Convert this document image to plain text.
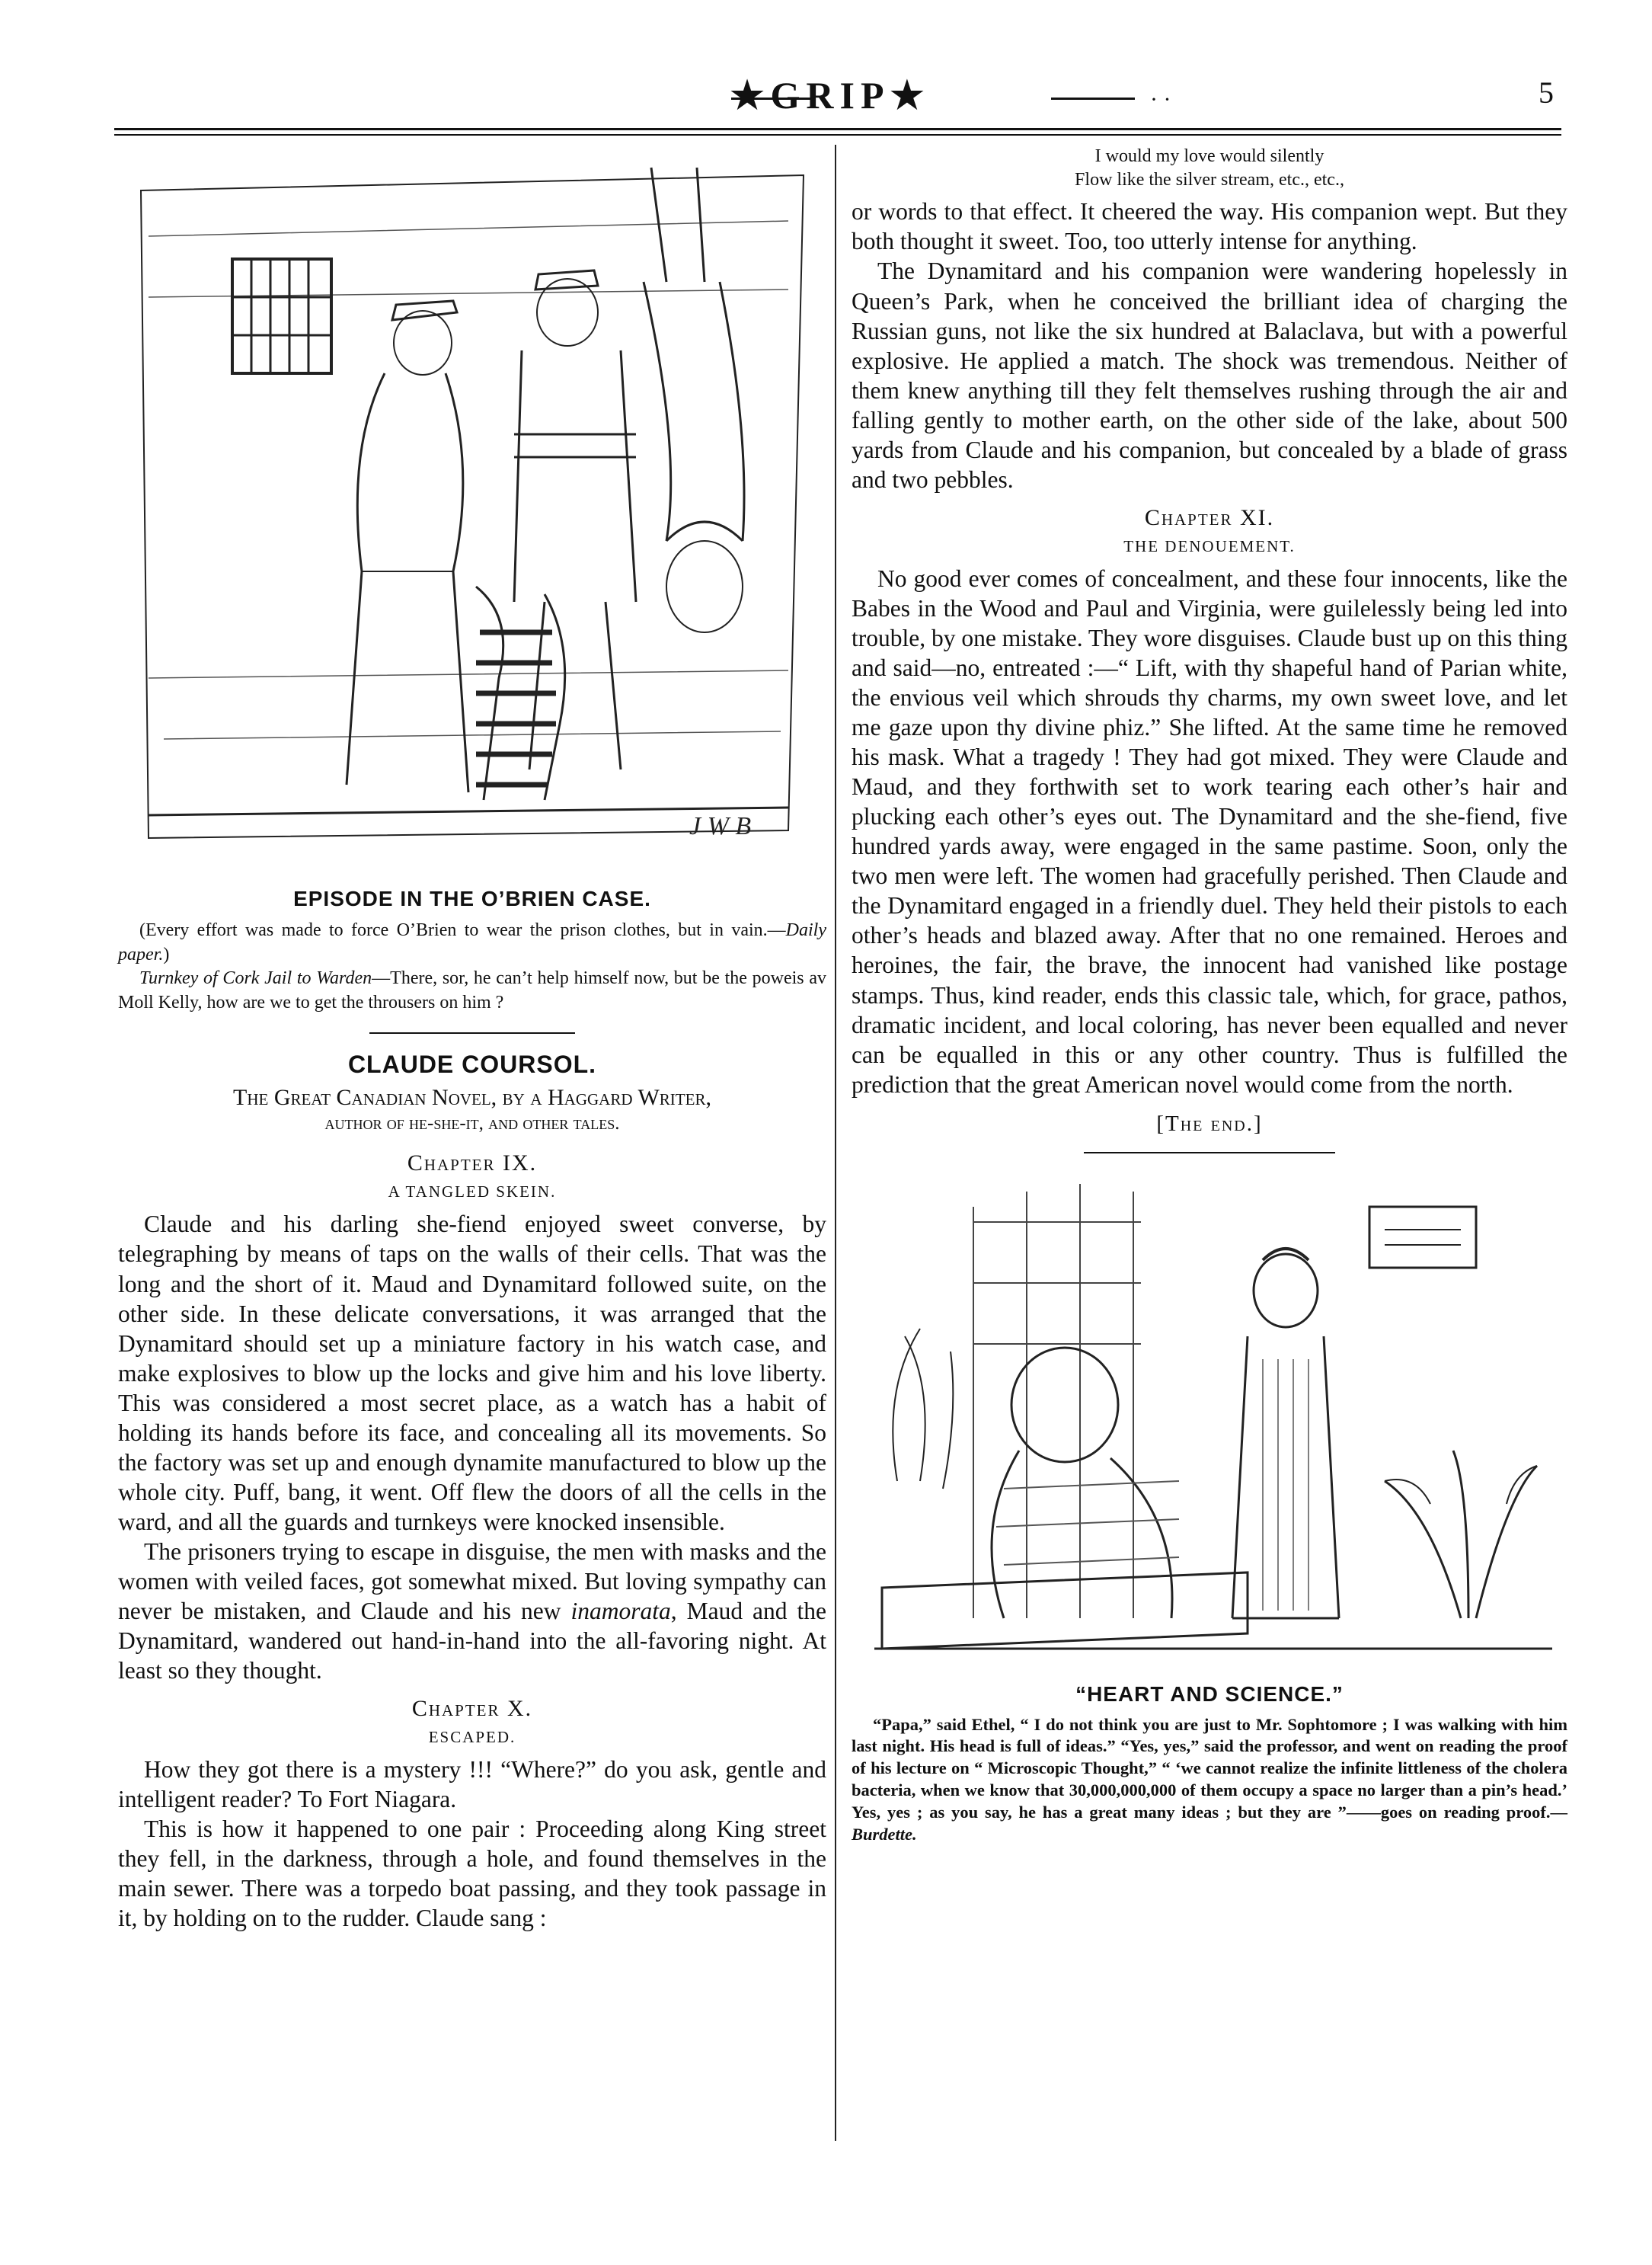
★GRIP★	· ·	5
J W B
EPISODE IN THE O’BRIEN CASE.

(Every effort was made to force O’Brien to wear the prison clothes, but in vain.—Daily paper.)

Turnkey of Cork Jail to Warden—There, sor, he can’t help himself now, but be the poweis av Moll Kelly, how are we to get the throusers on him ?

CLAUDE COURSOL.
The Great Canadian Novel, by a Haggard Writer,
author of he-she-it, and other tales.
Chapter IX.
A TANGLED SKEIN.

Claude and his darling she-fiend enjoyed sweet converse, by telegraphing by means of taps on the walls of their cells. That was the long and the short of it. Maud and Dynamitard followed suite, on the other side. In these delicate conversations, it was arranged that the Dynamitard should set up a miniature factory in his watch case, and make explosives to blow up the locks and give him and his love liberty. This was considered a most secret place, as a watch has a habit of holding its hands before its face, and concealing all its movements. So the factory was set up and enough dynamite manufactured to blow up the whole city. Puff, bang, it went. Off flew the doors of all the cells in the ward, and all the guards and turnkeys were knocked insensible.

The prisoners trying to escape in disguise, the men with masks and the women with veiled faces, got somewhat mixed. But loving sympathy can never be mistaken, and Claude and his new inamorata, Maud and the Dynamitard, wandered out hand-in-hand into the all-favoring night. At least so they thought.

Chapter X.
ESCAPED.

How they got there is a mystery !!! “Where?” do you ask, gentle and intelligent reader? To Fort Niagara.

This is how it happened to one pair : Proceeding along King street they fell, in the darkness, through a hole, and found themselves in the main sewer. There was a torpedo boat passing, and they took passage in it, by holding on to the rudder. Claude sang :

I would my love would silently
Flow like the silver stream, etc., etc.,

or words to that effect. It cheered the way. His companion wept. But they both thought it sweet. Too, too utterly intense for anything.

The Dynamitard and his companion were wandering hopelessly in Queen’s Park, when he conceived the brilliant idea of charging the Russian guns, not like the six hundred at Balaclava, but with a powerful explosive. He applied a match. The shock was tremendous. Neither of them knew anything till they felt themselves rushing through the air and falling gently to mother earth, on the other side of the lake, about 500 yards from Claude and his companion, but concealed by a blade of grass and two pebbles.

Chapter XI.
THE DENOUEMENT.

No good ever comes of concealment, and these four innocents, like the Babes in the Wood and Paul and Virginia, were guilelessly being led into trouble, by one mistake. They wore disguises. Claude bust up on this thing and said—no, entreated :—“ Lift, with thy shapeful hand of Parian white, the envious veil which shrouds thy charms, my own sweet love, and let me gaze upon thy divine phiz.” She lifted. At the same time he removed his mask. What a tragedy ! They had got mixed. They were Claude and Maud, and they forthwith set to work tearing each other’s hair and plucking each other’s eyes out. The Dynamitard and the she-fiend, five hundred yards away, were engaged in the same pastime. Soon, only the two men were left. The women had gracefully perished. Then Claude and the Dynamitard engaged in a friendly duel. They held their pistols to each other’s heads and blazed away. After that no one remained. Heroes and heroines, the fair, the brave, the innocent had vanished like postage stamps. Thus, kind reader, ends this classic tale, which, for grace, pathos, dramatic incident, and local coloring, has never been equalled and never can be equalled in this or any other country. Thus is fulfilled the prediction that the great American novel would come from the north.

[The end.]
“HEART AND SCIENCE.”

“Papa,” said Ethel, “ I do not think you are just to Mr. Sophtomore ; I was walking with him last night. His head is full of ideas.” “Yes, yes,” said the professor, and went on reading the proof of his lecture on “ Microscopic Thought,” “ ‘we cannot realize the infinite littleness of the cholera bacteria, when we know that 30,000,000,000 of them occupy a space no larger than a pin’s head.’ Yes, yes ; as you say, he has a great many ideas ; but they are ”——goes on reading proof.—Burdette.
